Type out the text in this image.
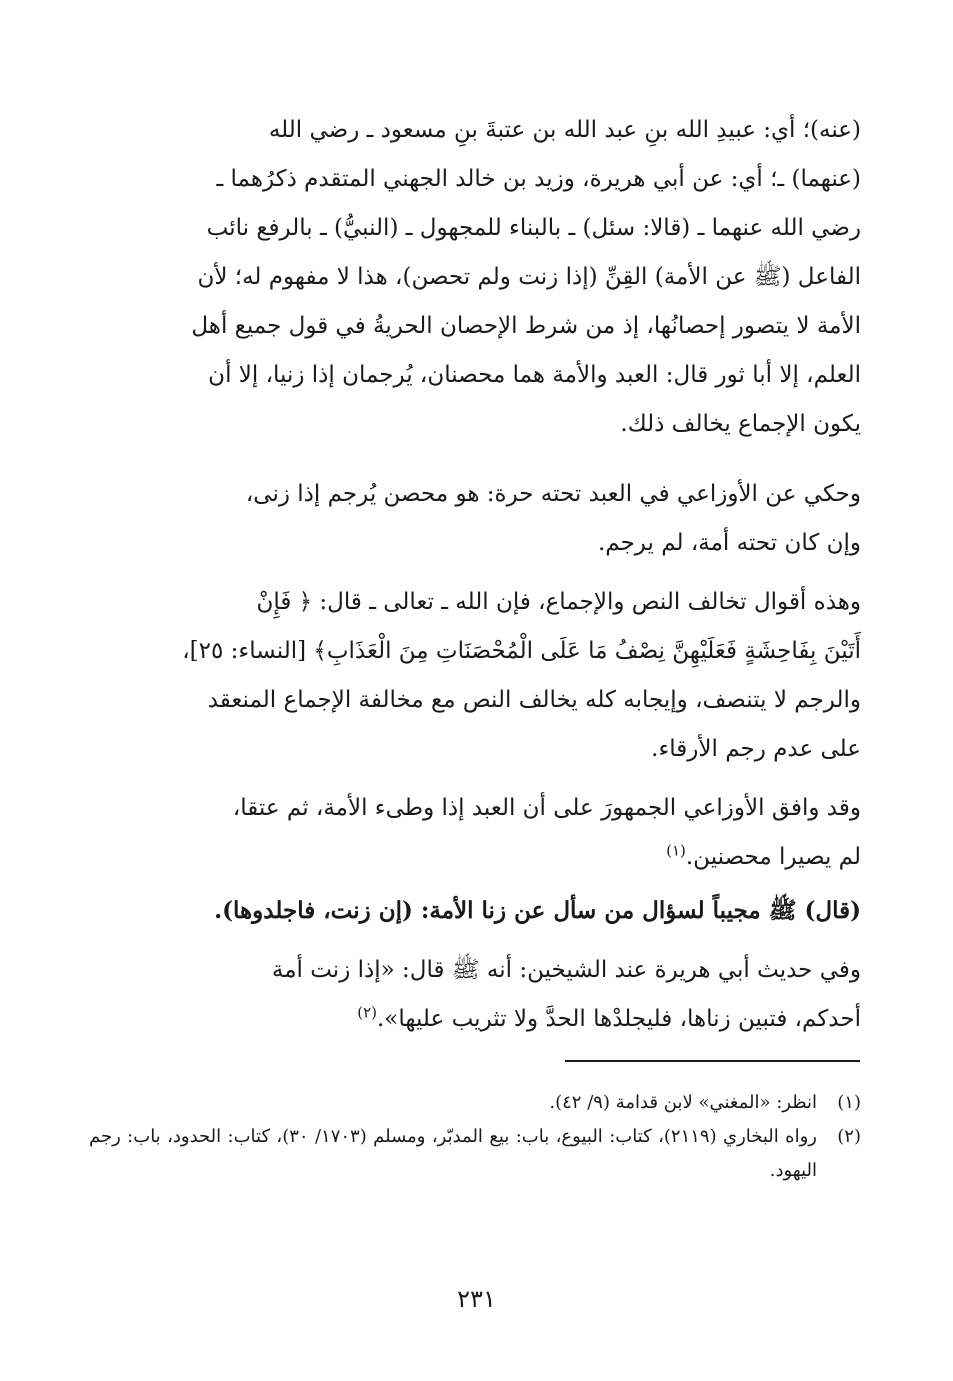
(عنه)؛ أي: عبيدِ الله بنِ عبد الله بن عتبةَ بنِ مسعود ـ رضي الله

(عنهما) ـ؛ أي: عن أبي هريرة، وزيد بن خالد الجهني المتقدم ذكرُهما ـ

رضي الله عنهما ـ (قالا: سئل) ـ بالبناء للمجهول ـ (النبيُّ) ـ بالرفع نائب

الفاعل (ﷺ عن الأمة) القِنِّ (إذا زنت ولم تحصن)، هذا لا مفهوم له؛ لأن

الأمة لا يتصور إحصانُها، إذ من شرط الإحصان الحريةُ في قول جميع أهل

العلم، إلا أبا ثور قال: العبد والأمة هما محصنان، يُرجمان إذا زنيا، إلا أن

يكون الإجماع يخالف ذلك.

وحكي عن الأوزاعي في العبد تحته حرة: هو محصن يُرجم إذا زنى،

وإن كان تحته أمة، لم يرجم.

وهذه أقوال تخالف النص والإجماع، فإن الله ـ تعالى ـ قال: ﴿ فَإِنْ

أَتَيْنَ بِفَاحِشَةٍ فَعَلَيْهِنَّ نِصْفُ مَا عَلَى الْمُحْصَنَاتِ مِنَ الْعَذَابِ﴾ [النساء: ٢٥]،

والرجم لا يتنصف، وإيجابه كله يخالف النص مع مخالفة الإجماع المنعقد

على عدم رجم الأرقاء.

وقد وافق الأوزاعي الجمهورَ على أن العبد إذا وطىء الأمة، ثم عتقا،

لم يصيرا محصنين.$^{(١)}$

(قال) ﷺ مجيباً لسؤال من سأل عن زنا الأمة: (إن زنت، فاجلدوها).

وفي حديث أبي هريرة عند الشيخين: أنه ﷺ قال: «إذا زنت أمة

أحدكم، فتبين زناها، فليجلدْها الحدَّ ولا تثريب عليها».$^{(٢)}$

(١)
انظر: «المغني» لابن قدامة (٩/ ٤٢).
(٢)
رواه البخاري (٢١١٩)، كتاب: البيوع، باب: بيع المدبّر، ومسلم (١٧٠٣/ ٣٠)، كتاب: الحدود، باب: رجم اليهود.
٢٣١
